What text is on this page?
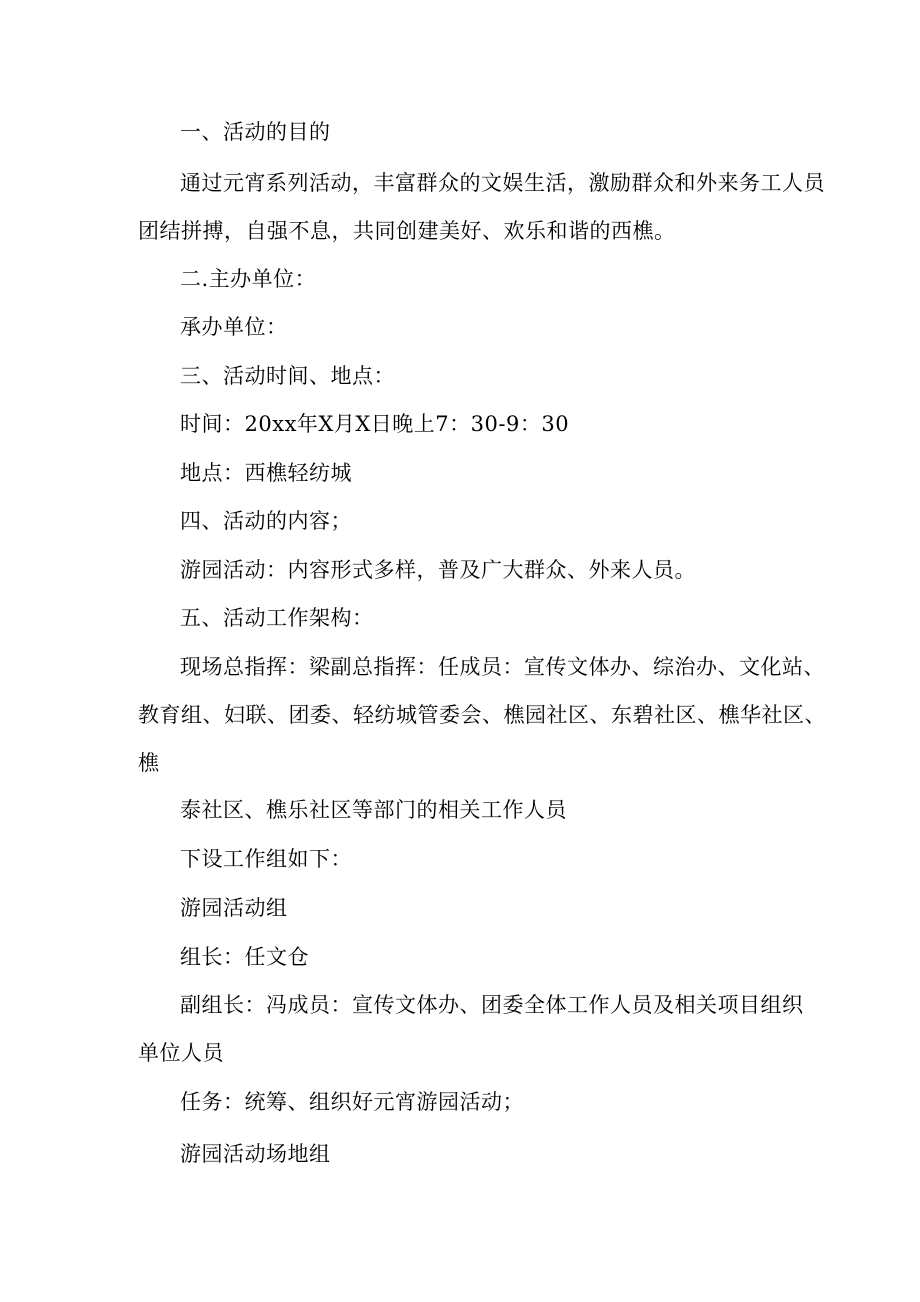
一、活动的目的
通过元宵系列活动，丰富群众的文娱生活，激励群众和外来务工人员
团结拼搏，自强不息，共同创建美好、欢乐和谐的西樵。
二.主办单位：
承办单位：
三、活动时间、地点：
时间：20xx年X月X日晚上7：30-9：30
地点：西樵轻纺城
四、活动的内容；
游园活动：内容形式多样，普及广大群众、外来人员。
五、活动工作架构：
现场总指挥：梁副总指挥：任成员：宣传文体办、综治办、文化站、
教育组、妇联、团委、轻纺城管委会、樵园社区、东碧社区、樵华社区、
樵
泰社区、樵乐社区等部门的相关工作人员
下设工作组如下：
游园活动组
组长：任文仓
副组长：冯成员：宣传文体办、团委全体工作人员及相关项目组织
单位人员
任务：统筹、组织好元宵游园活动；
游园活动场地组
